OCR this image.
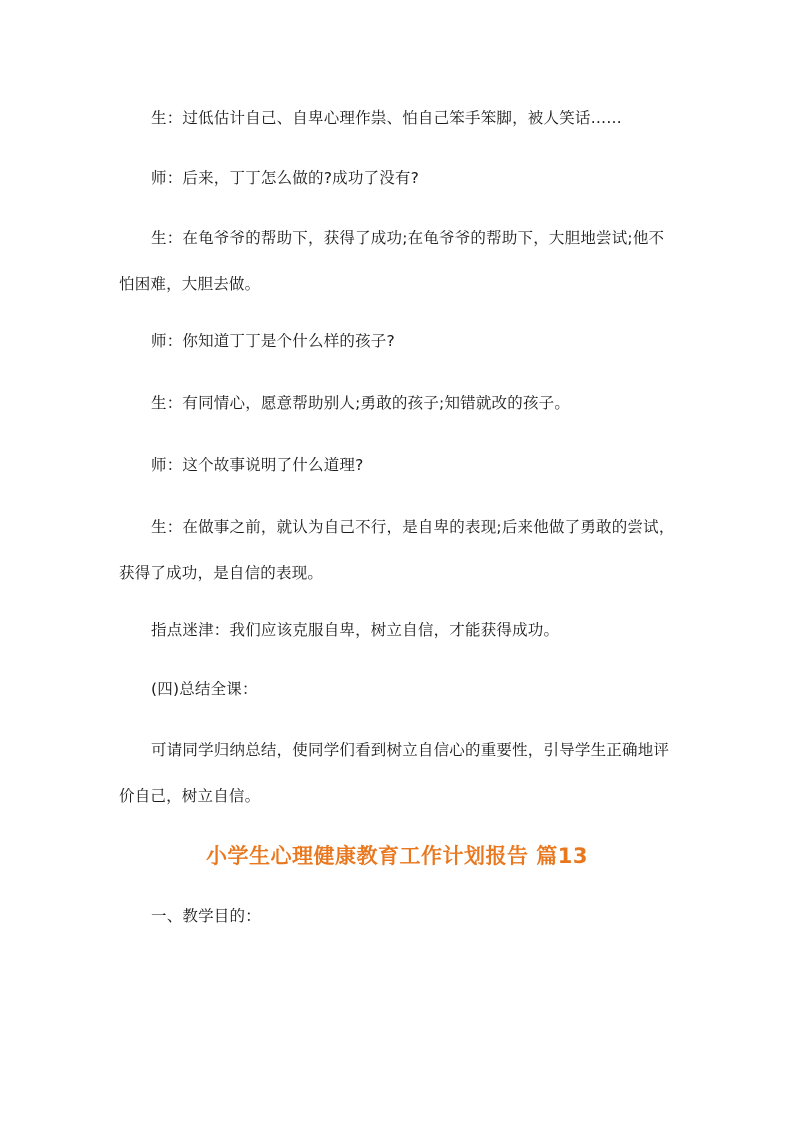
生：过低估计自己、自卑心理作祟、怕自己笨手笨脚，被人笑话……

师：后来，丁丁怎么做的?成功了没有?

生：在龟爷爷的帮助下，获得了成功;在龟爷爷的帮助下，大胆地尝试;他不怕困难，大胆去做。

师：你知道丁丁是个什么样的孩子?

生：有同情心，愿意帮助别人;勇敢的孩子;知错就改的孩子。

师：这个故事说明了什么道理?

生：在做事之前，就认为自己不行，是自卑的表现;后来他做了勇敢的尝试，获得了成功，是自信的表现。

指点迷津：我们应该克服自卑，树立自信，才能获得成功。

(四)总结全课：

可请同学归纳总结，使同学们看到树立自信心的重要性，引导学生正确地评价自己，树立自信。

小学生心理健康教育工作计划报告 篇13

一、教学目的：
